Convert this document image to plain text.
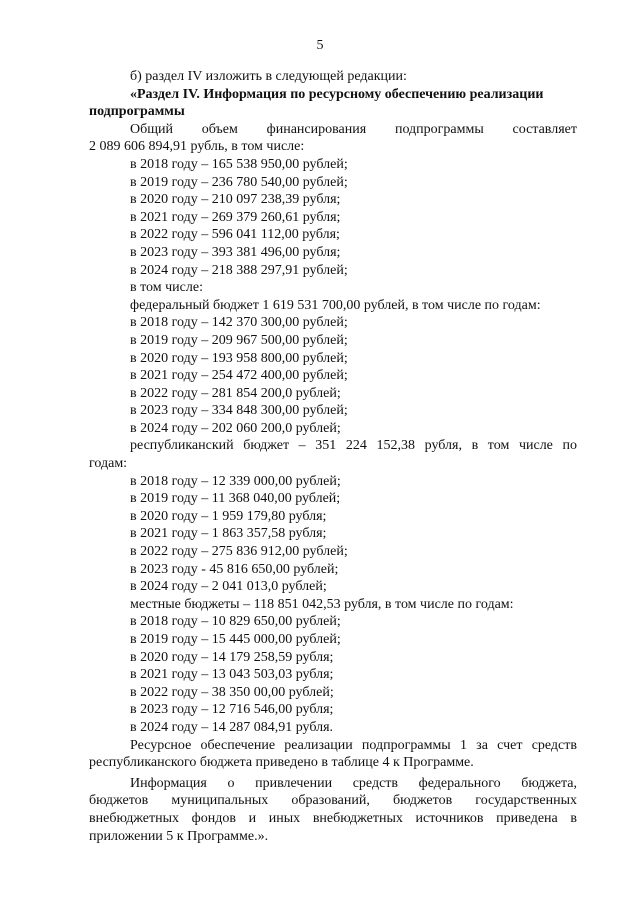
5
б) раздел IV изложить в следующей редакции:
«Раздел IV. Информация по ресурсному обеспечению реализации
подпрограммы
Общий объем финансирования подпрограммы составляет
2 089 606 894,91 рубль, в том числе:
в 2018 году – 165 538 950,00 рублей;
в 2019 году – 236 780 540,00 рублей;
в 2020 году – 210 097 238,39 рубля;
в 2021 году – 269 379 260,61 рубля;
в 2022 году – 596 041 112,00 рубля;
в 2023 году – 393 381 496,00 рубля;
в 2024 году – 218 388 297,91 рублей;
в том числе:
федеральный бюджет 1 619 531 700,00 рублей, в том числе по годам:
в 2018 году – 142 370 300,00 рублей;
в 2019 году – 209 967 500,00 рублей;
в 2020 году – 193 958 800,00 рублей;
в 2021 году – 254 472 400,00 рублей;
в 2022 году – 281 854 200,0 рублей;
в 2023 году – 334 848 300,00 рублей;
в 2024 году – 202 060 200,0 рублей;
республиканский бюджет – 351 224 152,38 рубля, в том числе по
годам:
в 2018 году – 12 339 000,00 рублей;
в 2019 году – 11 368 040,00 рублей;
в 2020 году – 1 959 179,80 рубля;
в 2021 году – 1 863 357,58 рубля;
в 2022 году – 275 836 912,00 рублей;
в 2023 году - 45 816 650,00 рублей;
в 2024 году – 2 041 013,0 рублей;
местные бюджеты – 118 851 042,53 рубля, в том числе по годам:
в 2018 году – 10 829 650,00 рублей;
в 2019 году – 15 445 000,00 рублей;
в 2020 году – 14 179 258,59 рубля;
в 2021 году – 13 043 503,03 рубля;
в 2022 году – 38 350 00,00 рублей;
в 2023 году – 12 716 546,00 рубля;
в 2024 году – 14 287 084,91 рубля.
Ресурсное обеспечение реализации подпрограммы 1 за счет средств
республиканского бюджета приведено в таблице 4 к Программе.
Информация о привлечении средств федерального бюджета,
бюджетов муниципальных образований, бюджетов государственных
внебюджетных фондов и иных внебюджетных источников приведена в
приложении 5 к Программе.».
